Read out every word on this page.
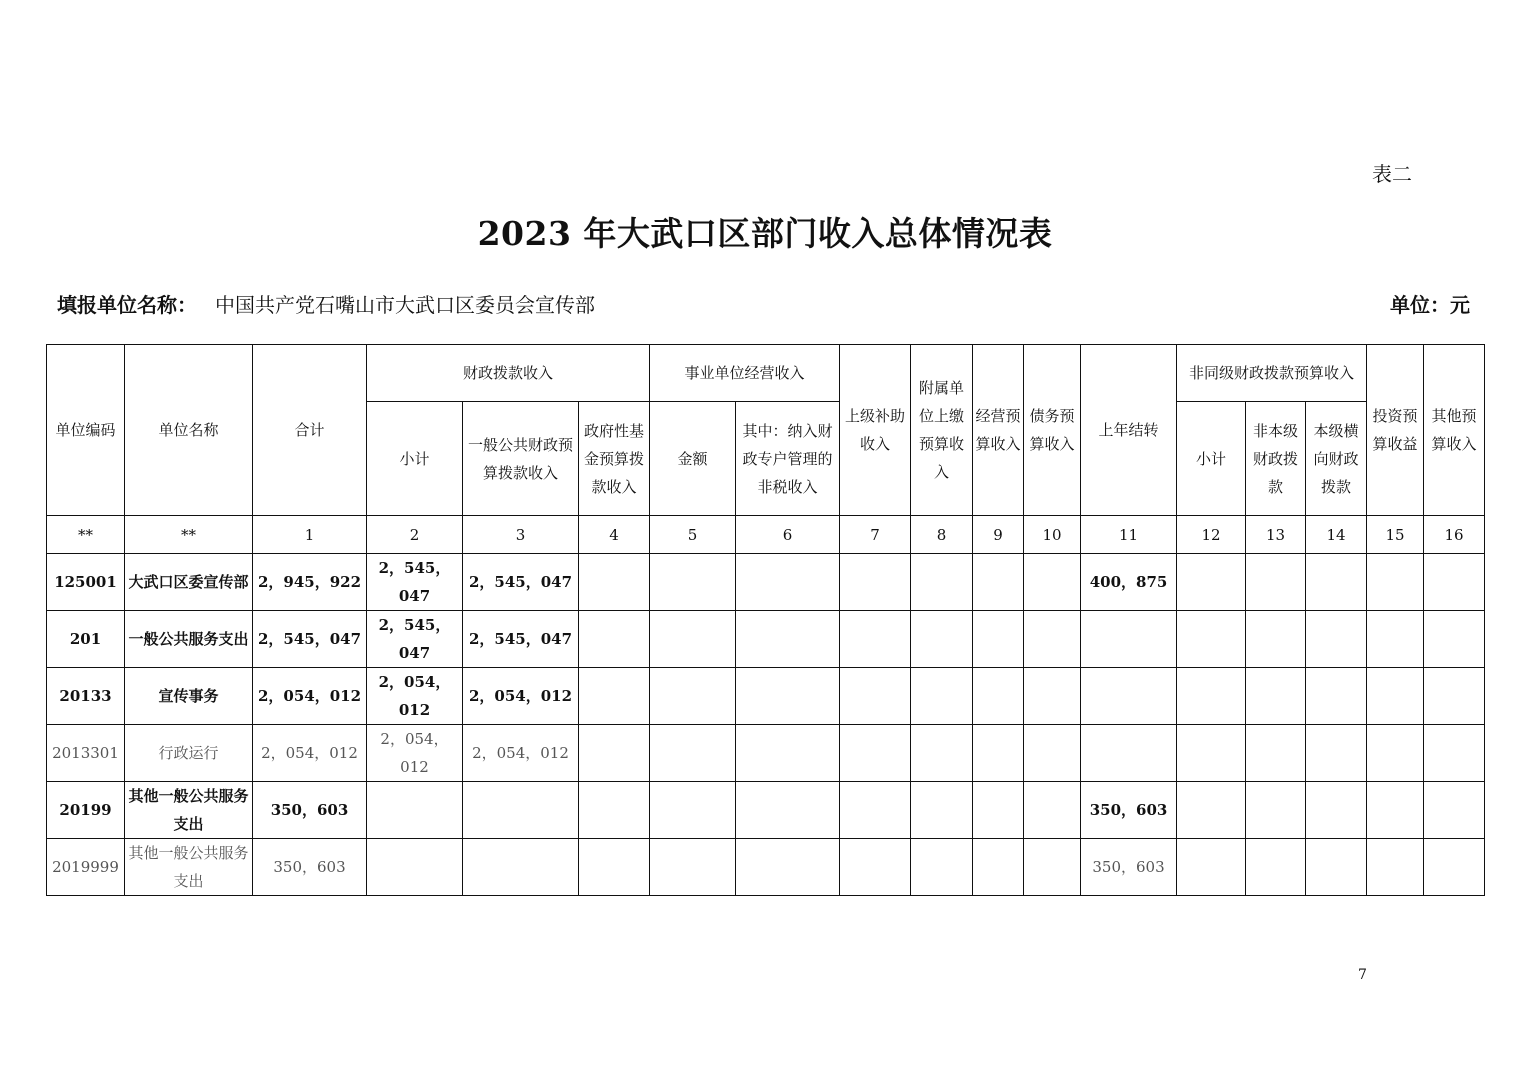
表二
2023 年大武口区部门收入总体情况表
填报单位名称： 中国共产党石嘴山市大武口区委员会宣传部	单位：元
单位编码	单位名称	合计	财政拨款收入			事业单位经营收入		上级补助收入	附属单位上缴预算收入	经营预算收入	债务预算收入	上年结转	非同级财政拨款预算收入			投资预算收益	其他预算收入
			小计	一般公共财政预算拨款收入	政府性基金预算拨款收入	金额	其中：纳入财政专户管理的非税收入						小计	非本级财政拨款	本级横向财政拨款		
**	**	1	2	3	4	5	6	7	8	9	10	11	12	13	14	15	16
125001	大武口区委宣传部	2，945，922	2，545，047	2，545，047								400，875					
201	一般公共服务支出	2，545，047	2，545，047	2，545，047													
20133	宣传事务	2，054，012	2，054，012	2，054，012													
2013301	行政运行	2，054，012	2，054，012	2，054，012													
20199	其他一般公共服务支出	350，603										350，603					
2019999	其他一般公共服务支出	350，603										350，603					
7
